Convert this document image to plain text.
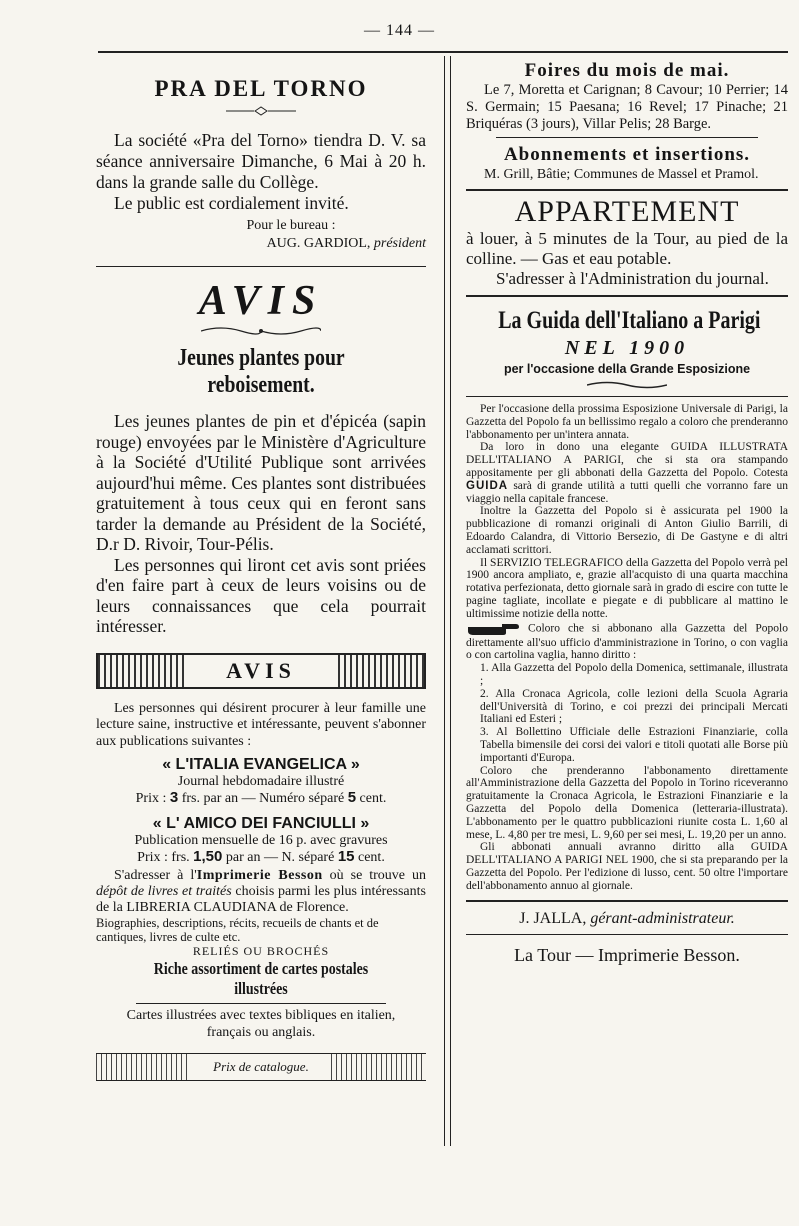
— 144 —
PRA DEL TORNO

La société «Pra del Torno» tiendra D. V. sa séance anniversaire Dimanche, 6 Mai à 20 h. dans la grande salle du Collège.

Le public est cordialement invité.

Pour le bureau :
AUG. GARDIOL, président
AVIS
Jeunes plantes pour reboisement.

Les jeunes plantes de pin et d'épicéa (sapin rouge) envoyées par le Ministère d'Agriculture à la Société d'Utilité Publique sont arrivées aujourd'hui même. Ces plantes sont distribuées gratuitement à tous ceux qui en feront sans tarder la demande au Président de la Société, D.r D. Rivoir, Tour-Pélis.

Les personnes qui liront cet avis sont priées d'en faire part à ceux de leurs voisins ou de leurs connaissances que cela pourrait intéresser.

AVIS

Les personnes qui désirent procurer à leur famille une lecture saine, instructive et intéressante, peuvent s'abonner aux publications suivantes :

« L'ITALIA EVANGELICA »
Journal hebdomadaire illustré
Prix : 3 frs. par an — Numéro séparé 5 cent.
« L' AMICO DEI FANCIULLI »
Publication mensuelle de 16 p. avec gravures
Prix : frs. 1,50 par an — N. séparé 15 cent.

S'adresser à l'Imprimerie Besson où se trouve un dépôt de livres et traités choisis parmi les plus intéressants de la LIBRERIA CLAUDIANA de Florence.

Biographies, descriptions, récits, recueils de chants et de cantiques, livres de culte etc.

RELIÉS OU BROCHÉS
Riche assortiment de cartes postales illustrées

Cartes illustrées avec textes bibliques en italien, français ou anglais.

Prix de catalogue.
Foires du mois de mai.

Le 7, Moretta et Carignan; 8 Cavour; 10 Perrier; 14 S. Germain; 15 Paesana; 16 Revel; 17 Pinache; 21 Briquéras (3 jours), Villar Pelis; 28 Barge.

Abonnements et insertions.

M. Grill, Bâtie; Communes de Massel et Pramol.

APPARTEMENT

à louer, à 5 minutes de la Tour, au pied de la colline. — Gas et eau potable.

S'adresser à l'Administration du journal.

La Guida dell'Italiano a Parigi
NEL 1900
per l'occasione della Grande Esposizione

Per l'occasione della prossima Esposizione Universale di Parigi, la Gazzetta del Popolo fa un bellissimo regalo a coloro che prenderanno l'abbonamento per un'intera annata.

Da loro in dono una elegante GUIDA ILLUSTRATA DELL'ITALIANO A PARIGI, che si sta ora stampando appositamente per gli abbonati della Gazzetta del Popolo. Cotesta GUIDA sarà di grande utilità a tutti quelli che vorranno fare un viaggio nella capitale francese.

Inoltre la Gazzetta del Popolo si è assicurata pel 1900 la pubblicazione di romanzi originali di Anton Giulio Barrili, di Edoardo Calandra, di Vittorio Bersezio, di De Gastyne e di altri acclamati scrittori.

Il SERVIZIO TELEGRAFICO della Gazzetta del Popolo verrà pel 1900 ancora ampliato, e, grazie all'acquisto di una quarta macchina rotativa perfezionata, detto giornale sarà in grado di escire con tutte le pagine tagliate, incollate e piegate e di pubblicare al mattino le ultimissime notizie della notte.

Coloro che si abbonano alla Gazzetta del Popolo direttamente all'suo ufficio d'amministrazione in Torino, o con vaglia o con cartolina vaglia, hanno diritto :

1. Alla Gazzetta del Popolo della Domenica, settimanale, illustrata ;

2. Alla Cronaca Agricola, colle lezioni della Scuola Agraria dell'Università di Torino, e coi prezzi dei principali Mercati Italiani ed Esteri ;

3. Al Bollettino Ufficiale delle Estrazioni Finanziarie, colla Tabella bimensile dei corsi dei valori e titoli quotati alle Borse più importanti d'Europa.

Coloro che prenderanno l'abbonamento direttamente all'Amministrazione della Gazzetta del Popolo in Torino riceveranno gratuitamente la Cronaca Agricola, le Estrazioni Finanziarie e la Gazzetta del Popolo della Domenica (letteraria-illustrata). L'abbonamento per le quattro pubblicazioni riunite costa L. 1,60 al mese, L. 4,80 per tre mesi, L. 9,60 per sei mesi, L. 19,20 per un anno.

Gli abbonati annuali avranno diritto alla GUIDA DELL'ITALIANO A PARIGI NEL 1900, che si sta preparando per la Gazzetta del Popolo. Per l'edizione di lusso, cent. 50 oltre l'importare dell'abbonamento annuo al giornale.

J. JALLA, gérant-administrateur.
La Tour — Imprimerie Besson.
